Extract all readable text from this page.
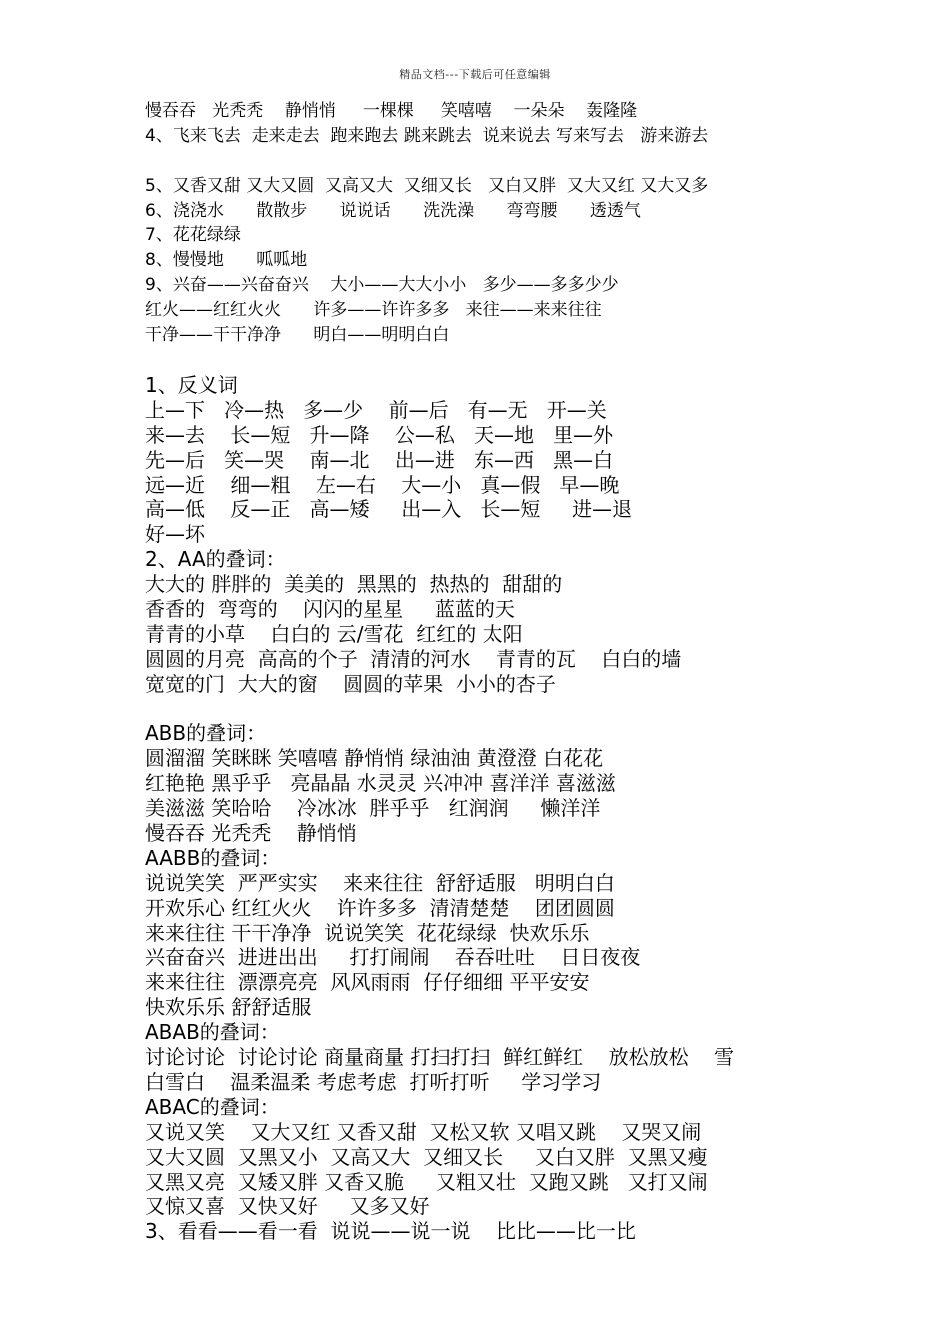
精品文档---下载后可任意编辑
慢吞吞   光秃秃    静悄悄     一棵棵     笑嘻嘻    一朵朵    轰隆隆
4、飞来飞去  走来走去  跑来跑去 跳来跳去  说来说去 写来写去   游来游去
5、又香又甜 又大又圆  又高又大  又细又长   又白又胖  又大又红 又大又多
6、浇浇水      散散步      说说话      洗洗澡      弯弯腰      透透气
7、花花绿绿
8、慢慢地      呱呱地
9、兴奋——兴奋奋兴    大小——大大小小   多少——多多少少
红火——红红火火      许多——许许多多   来往——来来往往
干净——干干净净      明白——明明白白
1、反义词
上—下   冷—热   多—少    前—后   有—无   开—关
来—去    长—短   升—降    公—私   天—地   里—外
先—后   笑—哭    南—北    出—进   东—西   黑—白
远—近    细—粗    左—右    大—小   真—假   早—晚
高—低    反—正   高—矮     出—入   长—短     进—退
好—坏
2、AA的叠词：
大大的 胖胖的  美美的  黑黑的  热热的  甜甜的
香香的  弯弯的    闪闪的星星     蓝蓝的天
青青的小草    白白的 云/雪花  红红的 太阳
圆圆的月亮  高高的个子  清清的河水    青青的瓦    白白的墙
宽宽的门  大大的窗    圆圆的苹果  小小的杏子
ABB的叠词：
圆溜溜 笑眯眯 笑嘻嘻 静悄悄 绿油油 黄澄澄 白花花
红艳艳 黑乎乎   亮晶晶 水灵灵 兴冲冲 喜洋洋 喜滋滋
美滋滋 笑哈哈    冷冰冰  胖乎乎   红润润     懒洋洋
慢吞吞 光秃秃    静悄悄
AABB的叠词：
说说笑笑  严严实实    来来往往  舒舒适服   明明白白
开欢乐心 红红火火    许许多多  清清楚楚    团团圆圆
来来往往 干干净净  说说笑笑  花花绿绿  快欢乐乐
兴奋奋兴  进进出出     打打闹闹    吞吞吐吐    日日夜夜
来来往往  漂漂亮亮  风风雨雨  仔仔细细 平平安安
快欢乐乐 舒舒适服
ABAB的叠词：
讨论讨论  讨论讨论 商量商量 打扫打扫  鲜红鲜红    放松放松    雪
白雪白    温柔温柔 考虑考虑  打听打听     学习学习
ABAC的叠词：
又说又笑    又大又红 又香又甜  又松又软 又唱又跳    又哭又闹
又大又圆  又黑又小  又高又大  又细又长     又白又胖  又黑又瘦
又黑又亮  又矮又胖 又香又脆     又粗又壮  又跑又跳   又打又闹
又惊又喜  又快又好     又多又好
3、看看——看一看  说说——说一说    比比——比一比
